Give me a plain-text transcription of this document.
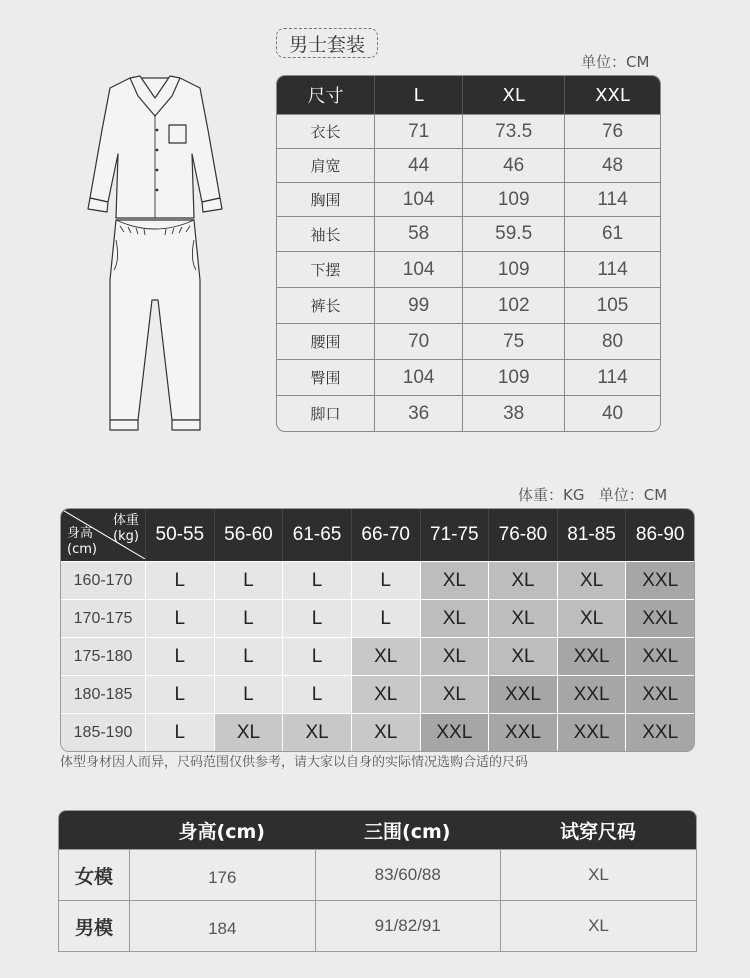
男士套装
单位：CM
尺寸	L	XL	XXL
衣长	71	73.5	76
肩宽	44	46	48
胸围	104	109	114
袖长	58	59.5	61
下摆	104	109	114
裤长	99	102	105
腰围	70	75	80
臀围	104	109	114
脚口	36	38	40
体重：KG   单位：CM
体重
(kg)
身高
(cm)	50-55	56-60	61-65	66-70	71-75	76-80	81-85	86-90
160-170	L	L	L	L	XL	XL	XL	XXL
170-175	L	L	L	L	XL	XL	XL	XXL
175-180	L	L	L	XL	XL	XL	XXL	XXL
180-185	L	L	L	XL	XL	XXL	XXL	XXL
185-190	L	XL	XL	XL	XXL	XXL	XXL	XXL
体型身材因人而异，尺码范围仅供参考，请大家以自身的实际情况选购合适的尺码
	身高(cm)	三围(cm)	试穿尺码
女模	176	83/60/88	XL
男模	184	91/82/91	XL
